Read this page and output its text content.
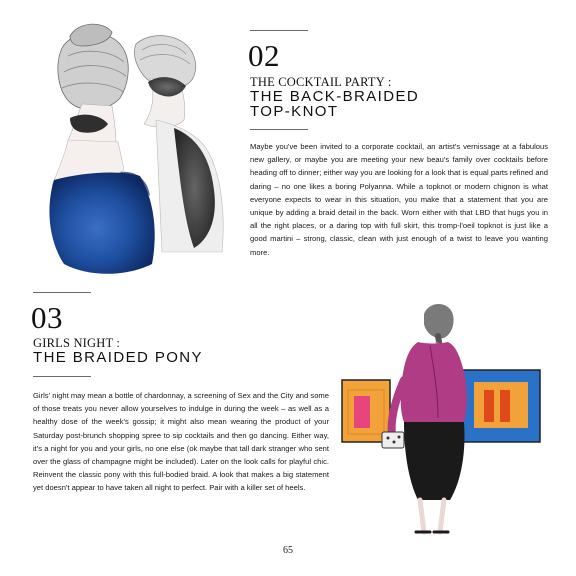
02
THE COCKTAIL PARTY :
THE BACK-BRAIDED
TOP-KNOT
Maybe you've been invited to a corporate cocktail, an artist's vernissage at a fabulous new gallery, or maybe you are meeting your new beau's family over cocktails before heading off to dinner; either way you are looking for a look that is equal parts refined and daring – no one likes a boring Polyanna. While a topknot or modern chignon is what everyone expects to wear in this situation, you make that a statement that you are unique by adding a braid detail in the back. Worn either with that LBD that hugs you in all the right places, or a daring top with full skirt, this tromp-l'oeil topknot is just like a good martini – strong, classic, clean with just enough of a twist to leave you wanting more.
03
GIRLS NIGHT :
THE BRAIDED PONY
Girls' night may mean a bottle of chardonnay, a screening of Sex and the City and some of those treats you never allow yourselves to indulge in during the week – as well as a healthy dose of the week's gossip; it might also mean wearing the product of your Saturday post-brunch shopping spree to sip cocktails and then go dancing. Either way, it's a night for you and your girls, no one else (ok maybe that tall dark stranger who sent over the glass of champagne might be included). Later on the look calls for playful chic. Reinvent the classic pony with this full-bodied braid. A look that makes a big statement yet doesn't appear to have taken all night to perfect. Pair with a killer set of heels.
65
